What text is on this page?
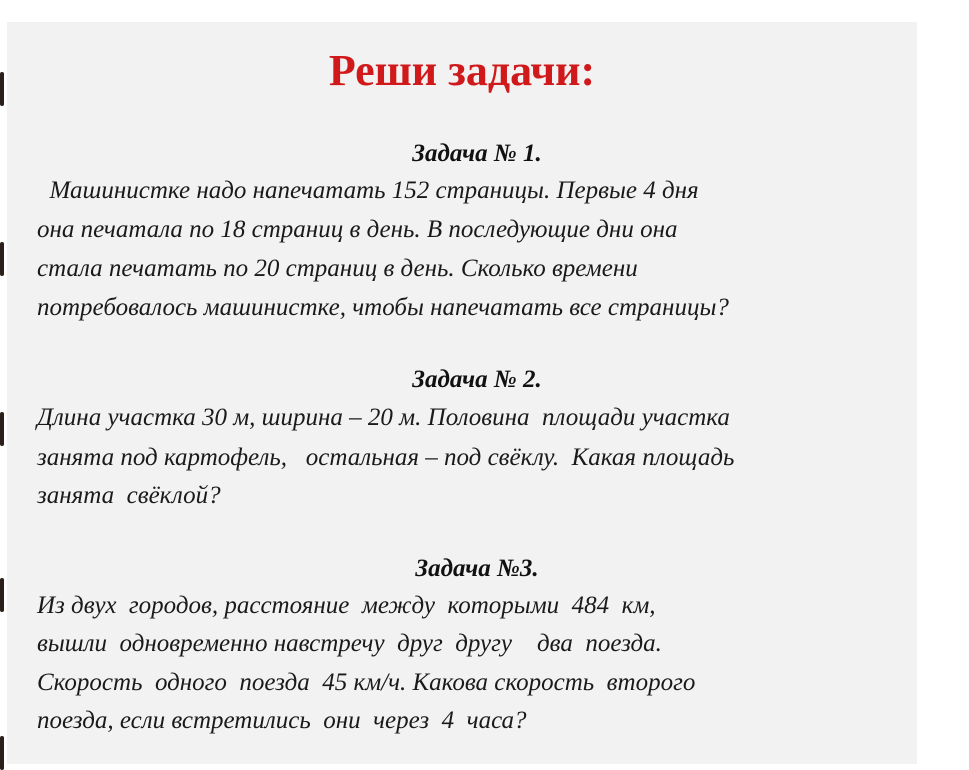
Реши задачи:
Задача № 1.
Машинистке надо напечатать 152 страницы. Первые 4 дня
она печатала по 18 страниц в день. В последующие дни она
стала печатать по 20 страниц в день. Сколько времени
потребовалось машинистке, чтобы напечатать все страницы?
Задача № 2.
Длина участка 30 м, ширина – 20 м. Половина  площади участка
занята под картофель,   остальная – под свёклу.  Какая площадь
занята  свёклой?
Задача №3.
Из двух  городов, расстояние  между  которыми  484  км,
вышли  одновременно навстречу  друг  другу    два  поезда.
Скорость  одного  поезда  45 км/ч. Какова скорость  второго
поезда, если встретились  они  через  4  часа?
